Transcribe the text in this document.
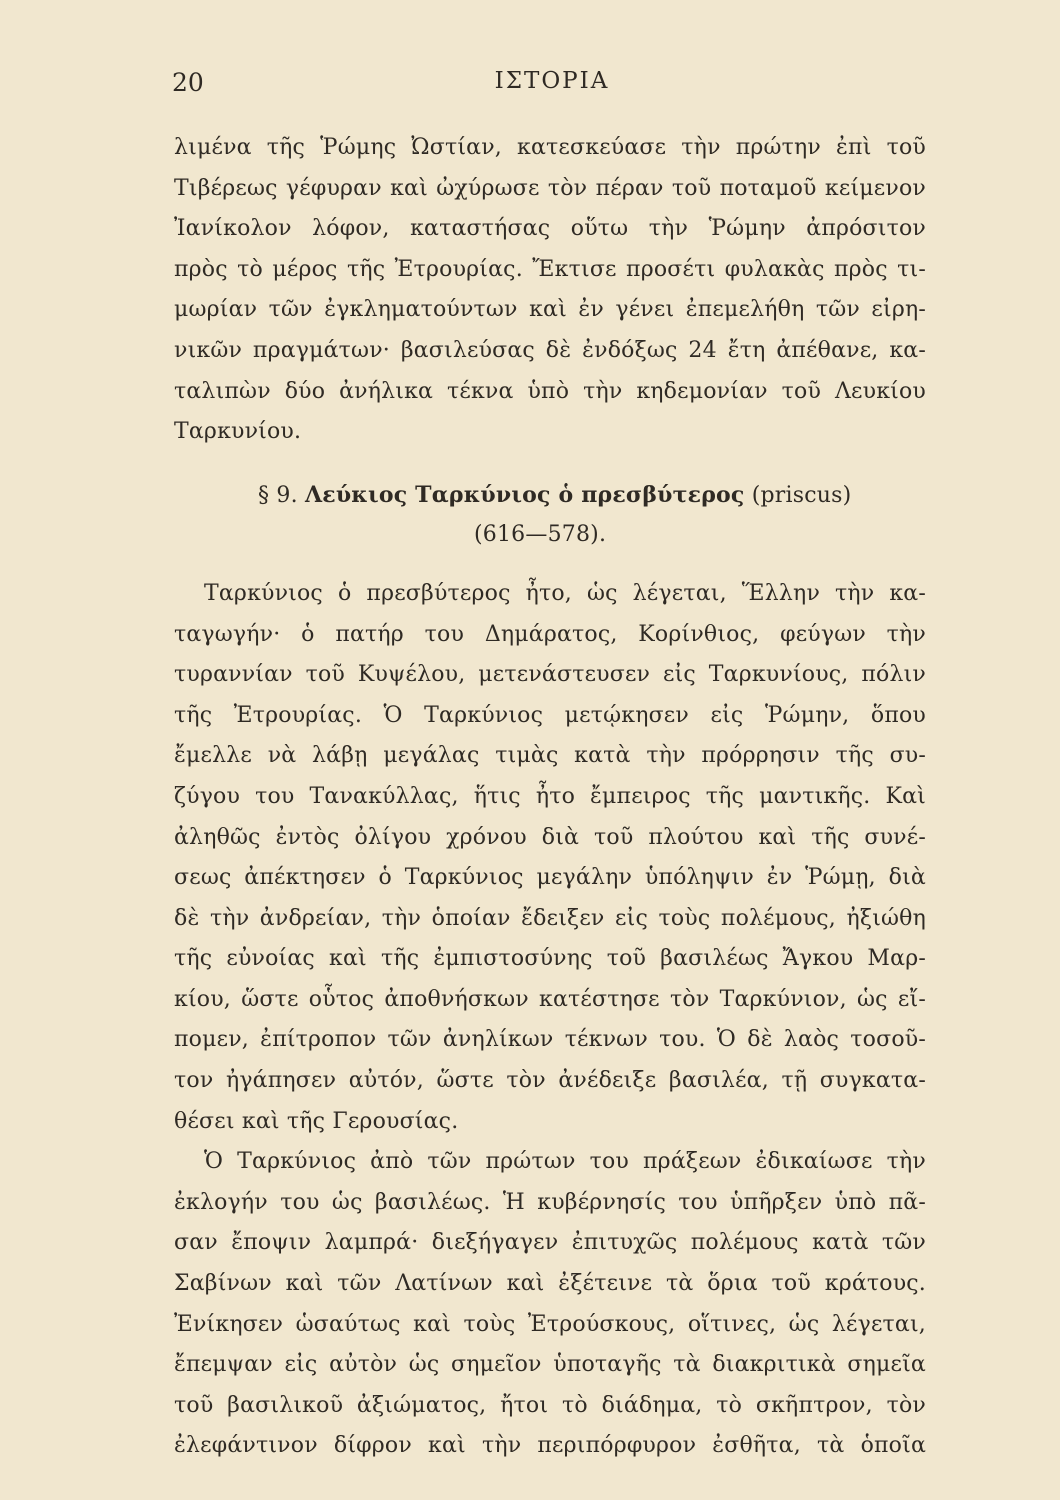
20	ΙΣΤΟΡΙΑ
λιμένα τῆς Ῥώμης Ὠστίαν, κατεσκεύασε τὴν πρώτην ἐπὶ τοῦ
Τιβέρεως γέφυραν καὶ ὠχύρωσε τὸν πέραν τοῦ ποταμοῦ κείμενον
Ἰανίκολον λόφον, καταστήσας οὕτω τὴν Ῥώμην ἀπρόσιτον
πρὸς τὸ μέρος τῆς Ἐτρουρίας. Ἔκτισε προσέτι φυλακὰς πρὸς τι-
μωρίαν τῶν ἐγκληματούντων καὶ ἐν γένει ἐπεμελήθη τῶν εἰρη-
νικῶν πραγμάτων· βασιλεύσας δὲ ἐνδόξως 24 ἔτη ἀπέθανε, κα-
ταλιπὼν δύο ἀνήλικα τέκνα ὑπὸ τὴν κηδεμονίαν τοῦ Λευκίου
Ταρκυνίου.
§ 9. Λεύκιος Ταρκύνιος ὁ πρεσβύτερος (priscus)
(616—578).
Ταρκύνιος ὁ πρεσβύτερος ἦτο, ὡς λέγεται, Ἕλλην τὴν κα-
ταγωγήν· ὁ πατήρ του Δημάρατος, Κορίνθιος, φεύγων τὴν
τυραννίαν τοῦ Κυψέλου, μετενάστευσεν εἰς Ταρκυνίους, πόλιν
τῆς Ἐτρουρίας. Ὁ Ταρκύνιος μετῴκησεν εἰς Ῥώμην, ὅπου
ἔμελλε νὰ λάβῃ μεγάλας τιμὰς κατὰ τὴν πρόρρησιν τῆς συ-
ζύγου του Τανακύλλας, ἥτις ἦτο ἔμπειρος τῆς μαντικῆς. Καὶ
ἀληθῶς ἐντὸς ὀλίγου χρόνου διὰ τοῦ πλούτου καὶ τῆς συνέ-
σεως ἀπέκτησεν ὁ Ταρκύνιος μεγάλην ὑπόληψιν ἐν Ῥώμῃ, διὰ
δὲ τὴν ἀνδρείαν, τὴν ὁποίαν ἔδειξεν εἰς τοὺς πολέμους, ἠξιώθη
τῆς εὐνοίας καὶ τῆς ἐμπιστοσύνης τοῦ βασιλέως Ἄγκου Μαρ-
κίου, ὥστε οὗτος ἀποθνήσκων κατέστησε τὸν Ταρκύνιον, ὡς εἴ-
πομεν, ἐπίτροπον τῶν ἀνηλίκων τέκνων του. Ὁ δὲ λαὸς τοσοῦ-
τον ἠγάπησεν αὐτόν, ὥστε τὸν ἀνέδειξε βασιλέα, τῇ συγκατα-
θέσει καὶ τῆς Γερουσίας.
Ὁ Ταρκύνιος ἀπὸ τῶν πρώτων του πράξεων ἐδικαίωσε τὴν
ἐκλογήν του ὡς βασιλέως. Ἡ κυβέρνησίς του ὑπῆρξεν ὑπὸ πᾶ-
σαν ἔποψιν λαμπρά· διεξήγαγεν ἐπιτυχῶς πολέμους κατὰ τῶν
Σαβίνων καὶ τῶν Λατίνων καὶ ἐξέτεινε τὰ ὅρια τοῦ κράτους.
Ἐνίκησεν ὡσαύτως καὶ τοὺς Ἐτρούσκους, οἵτινες, ὡς λέγεται,
ἔπεμψαν εἰς αὐτὸν ὡς σημεῖον ὑποταγῆς τὰ διακριτικὰ σημεῖα
τοῦ βασιλικοῦ ἀξιώματος, ἤτοι τὸ διάδημα, τὸ σκῆπτρον, τὸν
ἐλεφάντινον δίφρον καὶ τὴν περιπόρφυρον ἐσθῆτα, τὰ ὁποῖα
